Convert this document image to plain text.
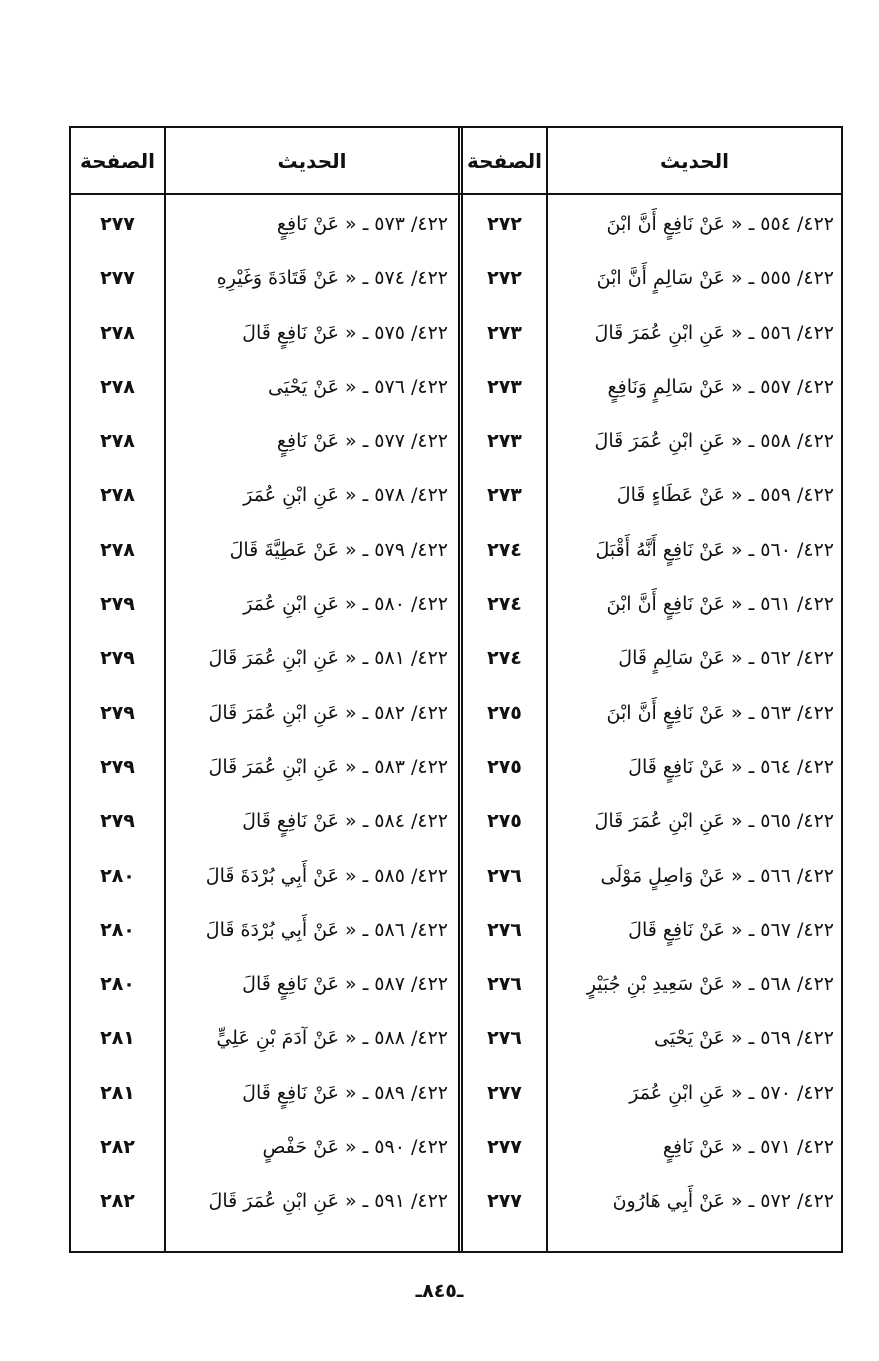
الصفحة	الحديث	الصفحة	الحديث
٢٧٧	٤٢٢/ ٥٧٣ ـ « عَنْ نَافِعٍ ٢٧٢	٤٢٢/ ٥٥٤ ـ « عَنْ نَافِعٍ أَنَّ ابْنَ
٢٧٧	٤٢٢/ ٥٧٤ ـ « عَنْ قَتَادَةَ وَغَيْرِهِ ٢٧٢	٤٢٢/ ٥٥٥ ـ « عَنْ سَالِمٍ أَنَّ ابْنَ
٢٧٨	٤٢٢/ ٥٧٥ ـ « عَنْ نَافِعٍ قَالَ ٢٧٣	٤٢٢/ ٥٥٦ ـ « عَنِ ابْنِ عُمَرَ قَالَ
٢٧٨	٤٢٢/ ٥٧٦ ـ « عَنْ يَحْيَى ٢٧٣	٤٢٢/ ٥٥٧ ـ « عَنْ سَالِمٍ وَنَافِعٍ
٢٧٨	٤٢٢/ ٥٧٧ ـ « عَنْ نَافِعٍ ٢٧٣	٤٢٢/ ٥٥٨ ـ « عَنِ ابْنِ عُمَرَ قَالَ
٢٧٨	٤٢٢/ ٥٧٨ ـ « عَنِ ابْنِ عُمَرَ ٢٧٣	٤٢٢/ ٥٥٩ ـ « عَنْ عَطَاءٍ قَالَ
٢٧٨	٤٢٢/ ٥٧٩ ـ « عَنْ عَطِيَّةَ قَالَ ٢٧٤	٤٢٢/ ٥٦٠ ـ « عَنْ نَافِعٍ أَنَّهُ أَقْبَلَ
٢٧٩	٤٢٢/ ٥٨٠ ـ « عَنِ ابْنِ عُمَرَ ٢٧٤	٤٢٢/ ٥٦١ ـ « عَنْ نَافِعٍ أَنَّ ابْنَ
٢٧٩	٤٢٢/ ٥٨١ ـ « عَنِ ابْنِ عُمَرَ قَالَ ٢٧٤	٤٢٢/ ٥٦٢ ـ « عَنْ سَالِمٍ قَالَ
٢٧٩	٤٢٢/ ٥٨٢ ـ « عَنِ ابْنِ عُمَرَ قَالَ ٢٧٥	٤٢٢/ ٥٦٣ ـ « عَنْ نَافِعٍ أَنَّ ابْنَ
٢٧٩	٤٢٢/ ٥٨٣ ـ « عَنِ ابْنِ عُمَرَ قَالَ ٢٧٥	٤٢٢/ ٥٦٤ ـ « عَنْ نَافِعٍ قَالَ
٢٧٩	٤٢٢/ ٥٨٤ ـ « عَنْ نَافِعٍ قَالَ ٢٧٥	٤٢٢/ ٥٦٥ ـ « عَنِ ابْنِ عُمَرَ قَالَ
٢٨٠	٤٢٢/ ٥٨٥ ـ « عَنْ أَبِي بُرْدَةَ قَالَ ٢٧٦	٤٢٢/ ٥٦٦ ـ « عَنْ وَاصِلٍ مَوْلَى
٢٨٠	٤٢٢/ ٥٨٦ ـ « عَنْ أَبِي بُرْدَةَ قَالَ ٢٧٦	٤٢٢/ ٥٦٧ ـ « عَنْ نَافِعٍ قَالَ
٢٨٠	٤٢٢/ ٥٨٧ ـ « عَنْ نَافِعٍ قَالَ ٢٧٦	٤٢٢/ ٥٦٨ ـ « عَنْ سَعِيدِ بْنِ جُبَيْرٍ
٢٨١	٤٢٢/ ٥٨٨ ـ « عَنْ آدَمَ بْنِ عَلِيٍّ ٢٧٦	٤٢٢/ ٥٦٩ ـ « عَنْ يَحْيَى
٢٨١	٤٢٢/ ٥٨٩ ـ « عَنْ نَافِعٍ قَالَ ٢٧٧	٤٢٢/ ٥٧٠ ـ « عَنِ ابْنِ عُمَرَ
٢٨٢	٤٢٢/ ٥٩٠ ـ « عَنْ حَفْصٍ ٢٧٧	٤٢٢/ ٥٧١ ـ « عَنْ نَافِعٍ
٢٨٢	٤٢٢/ ٥٩١ ـ « عَنِ ابْنِ عُمَرَ قَالَ ٢٧٧	٤٢٢/ ٥٧٢ ـ « عَنْ أَبِي هَارُونَ
ـ٨٤٥ـ
